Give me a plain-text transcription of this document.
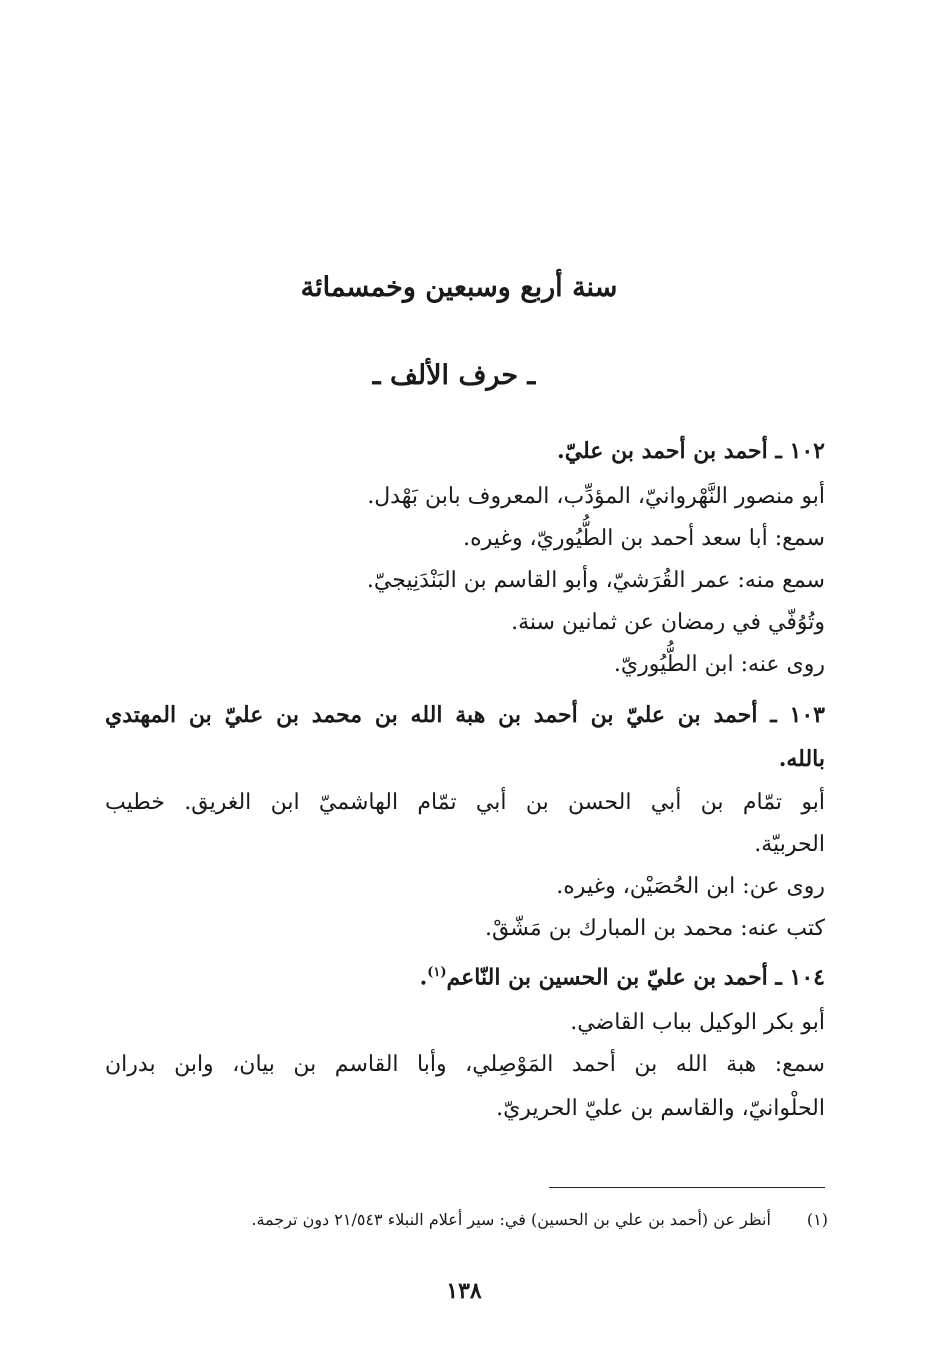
سنة أربع وسبعين وخمسمائة
ـ حرف الألف ـ
١٠٢ ـ أحمد بن أحمد بن عليّ.
أبو منصور النَّهْروانيّ، المؤدِّب، المعروف بابن بَهْدل.
سمع: أبا سعد أحمد بن الطُّيُوريّ، وغيره.
سمع منه: عمر القُرَشيّ، وأبو القاسم بن البَنْدَنِيجيّ.
وتُوُفّي في رمضان عن ثمانين سنة.
روى عنه: ابن الطُّيُوريّ.
١٠٣ ـ أحمد بن عليّ بن أحمد بن هبة الله بن محمد بن عليّ بن المهتدي
بالله.
أبو تمّام بن أبي الحسن بن أبي تمّام الهاشميّ ابن الغريق. خطيب
الحربيّة.
روى عن: ابن الحُصَيْن، وغيره.
كتب عنه: محمد بن المبارك بن مَشّقْ.
١٠٤ ـ أحمد بن عليّ بن الحسين بن النّاعم$^{(١)}$.
أبو بكر الوكيل بباب القاضي.
سمع: هبة الله بن أحمد المَوْصِلي، وأبا القاسم بن بيان، وابن بدران
الحلْوانيّ، والقاسم بن عليّ الحريريّ.
(١)أنظر عن (أحمد بن علي بن الحسين) في: سير أعلام النبلاء ٢١/٥٤٣ دون ترجمة.
١٣٨
